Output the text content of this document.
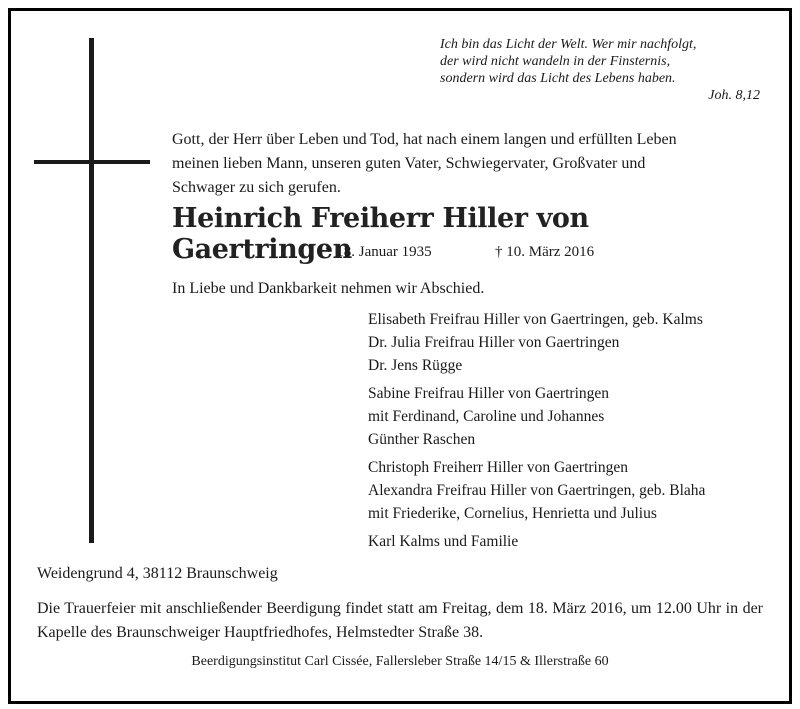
Ich bin das Licht der Welt. Wer mir nachfolgt,
der wird nicht wandeln in der Finsternis,
sondern wird das Licht des Lebens haben.
Joh. 8,12
Gott, der Herr über Leben und Tod, hat nach einem langen und erfüllten Leben
meinen lieben Mann, unseren guten Vater, Schwiegervater, Großvater und
Schwager zu sich gerufen.
Heinrich Freiherr Hiller von Gaertringen
* 18. Januar 1935	† 10. März 2016
In Liebe und Dankbarkeit nehmen wir Abschied.
Elisabeth Freifrau Hiller von Gaertringen, geb. Kalms
Dr. Julia Freifrau Hiller von Gaertringen
Dr. Jens Rügge
Sabine Freifrau Hiller von Gaertringen
mit Ferdinand, Caroline und Johannes
Günther Raschen
Christoph Freiherr Hiller von Gaertringen
Alexandra Freifrau Hiller von Gaertringen, geb. Blaha
mit Friederike, Cornelius, Henrietta und Julius
Karl Kalms und Familie
Weidengrund 4, 38112 Braunschweig
Die Trauerfeier mit anschließender Beerdigung findet statt am Freitag, dem 18. März 2016, um 12.00 Uhr in der Kapelle des Braunschweiger Hauptfriedhofes, Helmstedter Straße 38.
Beerdigungsinstitut Carl Cissée, Fallersleber Straße 14/15 & Illerstraße 60
